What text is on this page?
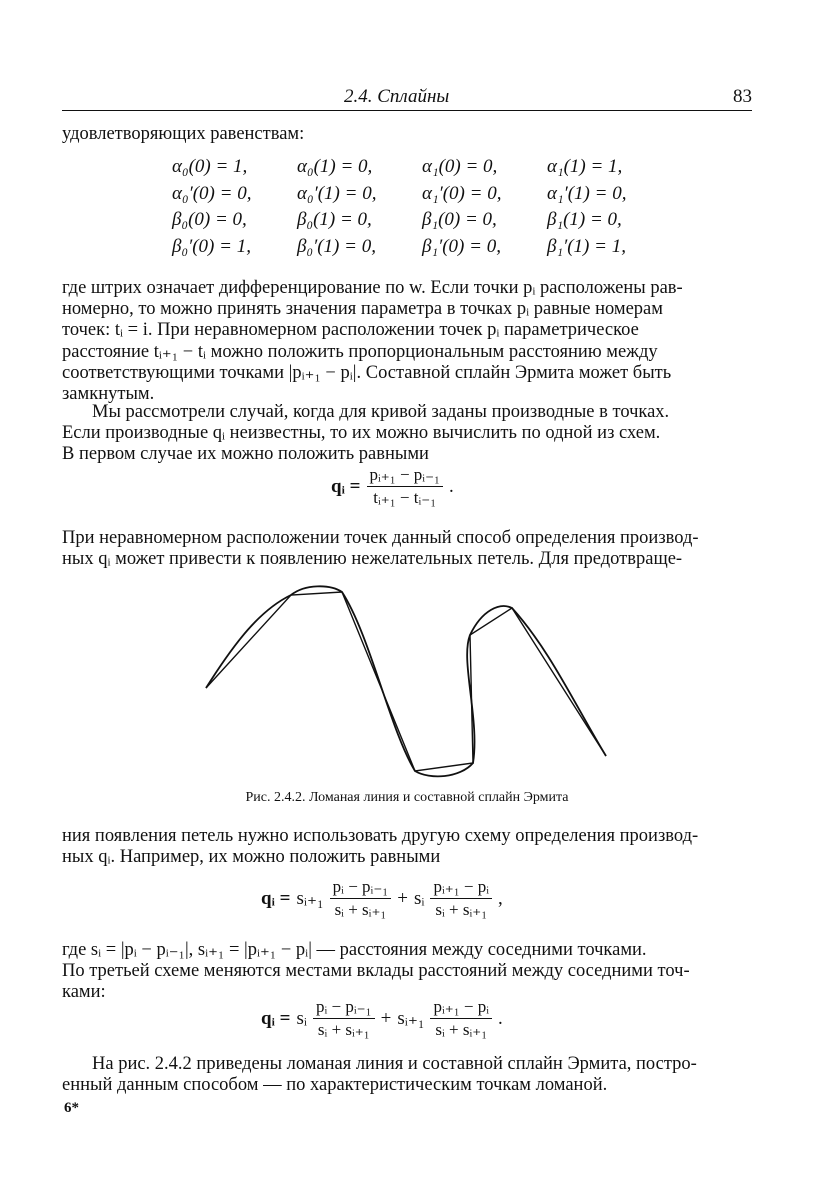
2.4. Сплайны	83
удовлетворяющих равенствам:
α₀(0) = 1,	α₀(1) = 0,	α₁(0) = 0,	α₁(1) = 1,
α₀′(0) = 0, α₀′(1) = 0, α₁′(0) = 0, α₁′(1) = 0,
β₀(0) = 0,	β₀(1) = 0,	β₁(0) = 0,	β₁(1) = 0,
β₀′(0) = 1, β₀′(1) = 0, β₁′(0) = 0, β₁′(1) = 1,
где штрих означает дифференцирование по w. Если точки pᵢ расположены рав-
номерно, то можно принять значения параметра в точках pᵢ равные номерам
точек: tᵢ = i. При неравномерном расположении точек pᵢ параметрическое
расстояние tᵢ₊₁ − tᵢ можно положить пропорциональным расстоянию между
соответствующими точками |pᵢ₊₁ − pᵢ|. Составной сплайн Эрмита может быть
замкнутым.
Мы рассмотрели случай, когда для кривой заданы производные в точках.
Если производные qᵢ неизвестны, то их можно вычислить по одной из схем.
В первом случае их можно положить равными
qᵢ = $\frac{\text{pᵢ₊₁ − pᵢ₋₁}}{\text{tᵢ₊₁ − tᵢ₋₁}}$ .
При неравномерном расположении точек данный способ определения производ-
ных qᵢ может привести к появлению нежелательных петель. Для предотвраще-
Рис. 2.4.2. Ломаная линия и составной сплайн Эрмита
ния появления петель нужно использовать другую схему определения производ-
ных qᵢ. Например, их можно положить равными
qᵢ = sᵢ₊₁ $\frac{\text{pᵢ − pᵢ₋₁}}{\text{sᵢ + sᵢ₊₁}}$ + sᵢ $\frac{\text{pᵢ₊₁ − pᵢ}}{\text{sᵢ + sᵢ₊₁}}$ ,
где sᵢ = |pᵢ − pᵢ₋₁|, sᵢ₊₁ = |pᵢ₊₁ − pᵢ| — расстояния между соседними точками.
По третьей схеме меняются местами вклады расстояний между соседними точ-
ками:
qᵢ = sᵢ $\frac{\text{pᵢ − pᵢ₋₁}}{\text{sᵢ + sᵢ₊₁}}$ + sᵢ₊₁ $\frac{\text{pᵢ₊₁ − pᵢ}}{\text{sᵢ + sᵢ₊₁}}$ .
На рис. 2.4.2 приведены ломаная линия и составной сплайн Эрмита, постро-
енный данным способом — по характеристическим точкам ломаной.
6*
